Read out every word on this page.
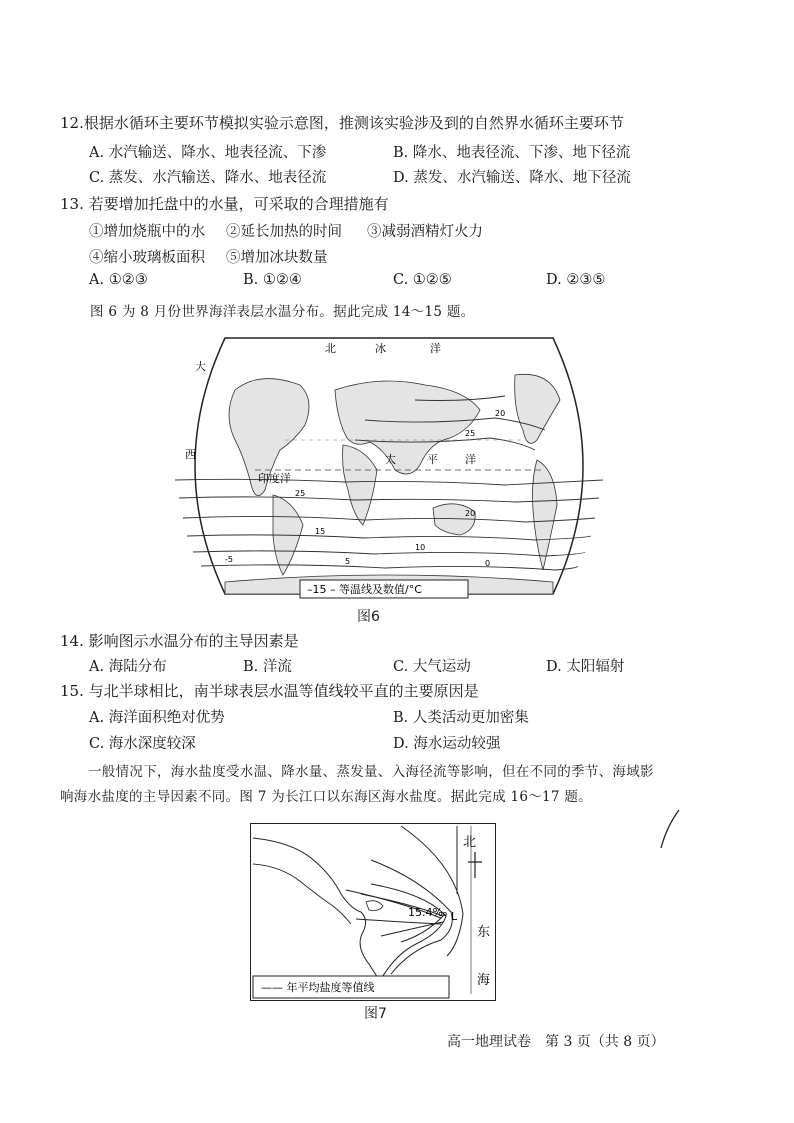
12.根据水循环主要环节模拟实验示意图，推测该实验涉及到的自然界水循环主要环节
A. 水汽输送、降水、地表径流、下渗	B. 降水、地表径流、下渗、地下径流
C. 蒸发、水汽输送、降水、地表径流	D. 蒸发、水汽输送、降水、地下径流
13. 若要增加托盘中的水量，可采取的合理措施有
①增加烧瓶中的水 ②延长加热的时间 ③减弱酒精灯火力
④缩小玻璃板面积 ⑤增加冰块数量
A. ①②③	B. ①②④	C. ①②⑤	D. ②③⑤
图 6 为 8 月份世界海洋表层水温分布。据此完成 14～15 题。
北	冰	洋
太	平 洋
印度洋
西
大
20
25
25
20
15
10
5	0
-5
–15 – 等温线及数值/°C
图6
14. 影响图示水温分布的主导因素是
A. 海陆分布	B. 洋流	C. 大气运动	D. 太阳辐射
15. 与北半球相比，南半球表层水温等值线较平直的主要原因是
A. 海洋面积绝对优势	B. 人类活动更加密集
C. 海水深度较深	D. 海水运动较强
一般情况下，海水盐度受水温、降水量、蒸发量、入海径流等影响，但在不同的季节、海域影
响海水盐度的主导因素不同。图 7 为长江口以东海区海水盐度。据此完成 16～17 题。
北
15.4‰ L
东
海
—— 年平均盐度等值线
图7
高一地理试卷　第 3 页（共 8 页）
